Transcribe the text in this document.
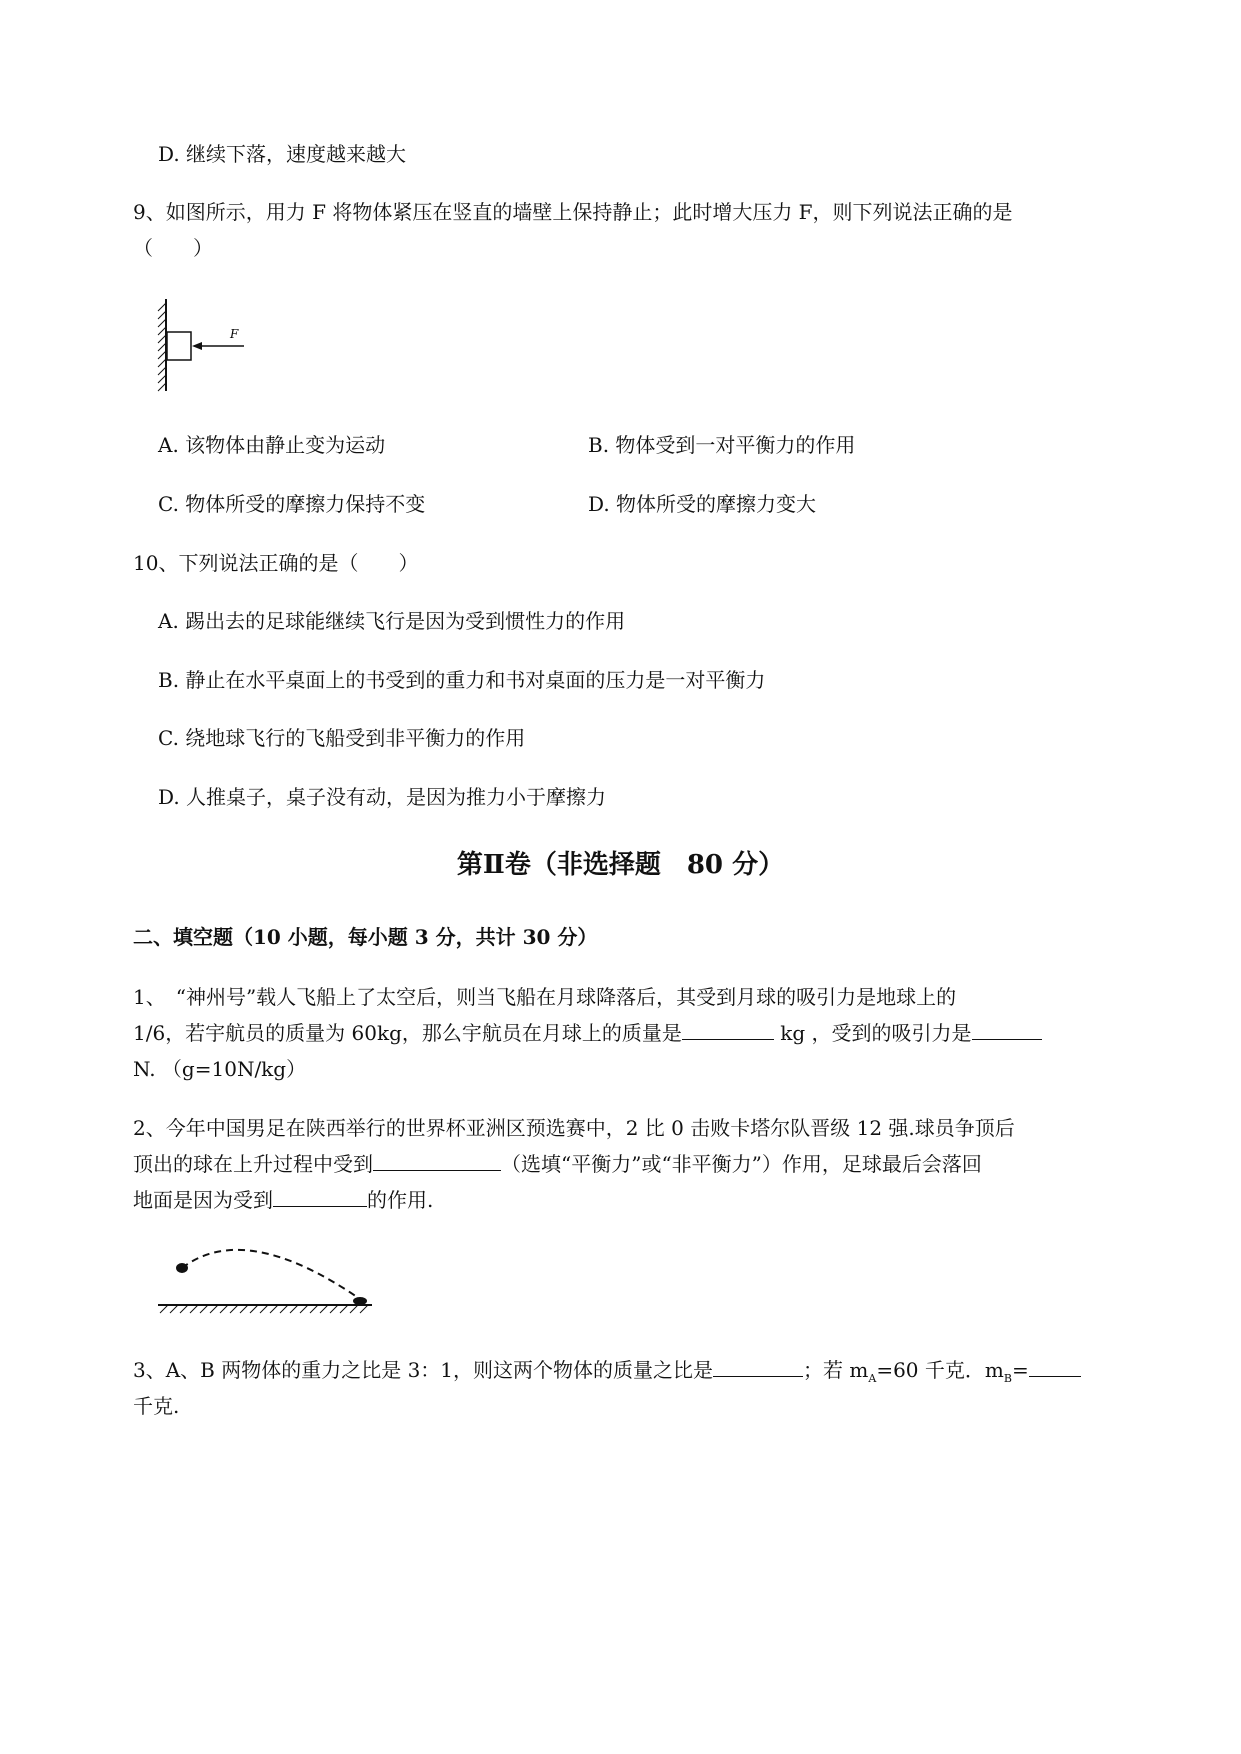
D. 继续下落，速度越来越大
9、如图所示，用力 F 将物体紧压在竖直的墙壁上保持静止；此时增大压力 F，则下列说法正确的是
（　　）
F
A. 该物体由静止变为运动	B. 物体受到一对平衡力的作用
C. 物体所受的摩擦力保持不变	D. 物体所受的摩擦力变大
10、下列说法正确的是（　　）
A. 踢出去的足球能继续飞行是因为受到惯性力的作用
B. 静止在水平桌面上的书受到的重力和书对桌面的压力是一对平衡力
C. 绕地球飞行的飞船受到非平衡力的作用
D. 人推桌子，桌子没有动，是因为推力小于摩擦力
第Ⅱ卷（非选择题　80 分）
二、填空题（10 小题，每小题 3 分，共计 30 分）
1、　“神州号”载人飞船上了太空后，则当飞船在月球降落后，其受到月球的吸引力是地球上的
1/6，若宇航员的质量为 60kg，那么宇航员在月球上的质量是	kg ，受到的吸引力是
N. （g=10N/kg）
2、今年中国男足在陕西举行的世界杯亚洲区预选赛中，2 比 0 击败卡塔尔队晋级 12 强.球员争顶后
顶出的球在上升过程中受到	（选填“平衡力”或“非平衡力”）作用，足球最后会落回
地面是因为受到	的作用.
3、A、B 两物体的重力之比是 3：1，则这两个物体的质量之比是	；若 $m_A=60$ 千克．$m_B=$
千克.
